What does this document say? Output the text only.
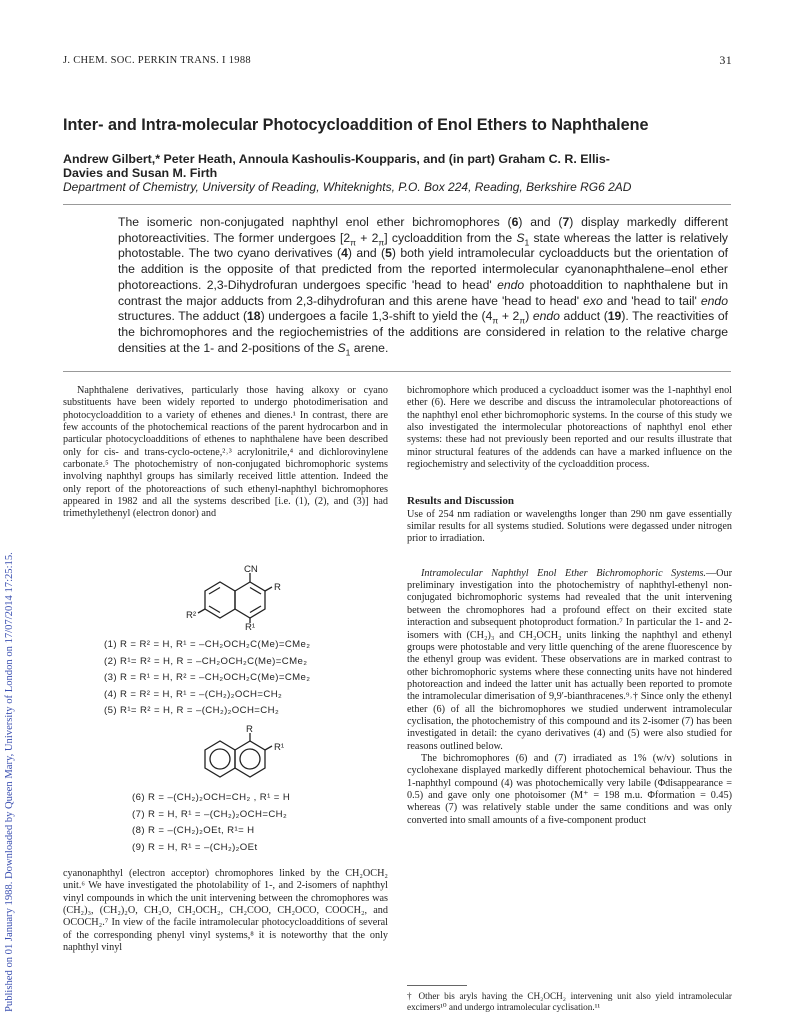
Published on 01 January 1988. Downloaded by Queen Mary, University of London on 17/07/2014 17:25:15.
J. CHEM. SOC. PERKIN TRANS. I 1988	31
Inter- and Intra-molecular Photocycloaddition of Enol Ethers to Naphthalene
Andrew Gilbert,* Peter Heath, Annoula Kashoulis-Koupparis, and (in part) Graham C. R. Ellis-
Davies and Susan M. Firth
Department of Chemistry, University of Reading, Whiteknights, P.O. Box 224, Reading, Berkshire RG6 2AD
The isomeric non-conjugated naphthyl enol ether bichromophores (6) and (7) display markedly different photoreactivities. The former undergoes $[2_\pi + 2_\pi]$ cycloaddition from the $S_1$ state whereas the latter is relatively photostable. The two cyano derivatives (4) and (5) both yield intramolecular cycloadducts but the orientation of the addition is the opposite of that predicted from the reported intermolecular cyanonaphthalene–enol ether photoreactions. 2,3-Dihydrofuran undergoes specific 'head to head' endo photoaddition to naphthalene but in contrast the major adducts from 2,3-dihydrofuran and this arene have 'head to head' exo and 'head to tail' endo structures. The adduct (18) undergoes a facile 1,3-shift to yield the $(4_\pi + 2_\pi)$ endo adduct (19). The reactivities of the bichromophores and the regiochemistries of the additions are considered in relation to the relative charge densities at the 1- and 2-positions of the $S_1$ arene.

Naphthalene derivatives, particularly those having alkoxy or cyano substituents have been widely reported to undergo photodimerisation and photocycloaddition to a variety of ethenes and dienes.¹ In contrast, there are few accounts of the photochemical reactions of the parent hydrocarbon and in particular photocycloadditions of ethenes to naphthalene have been described only for cis- and trans-cyclo-octene,²˒³ acrylonitrile,⁴ and dichlorovinylene carbonate.⁵ The photochemistry of non-conjugated bichromophoric systems involving naphthyl groups has similarly received little attention. Indeed the only report of the photoreactions of such ethenyl-naphthyl bichromophores appeared in 1982 and all the systems described [i.e. (1), (2), and (3)] had trimethylethenyl (electron donor) and

CN
R
R¹
R²
(1) R = R² = H, R¹ = –CH₂OCH₂C(Me)=CMe₂
(2) R¹= R² = H, R = –CH₂OCH₂C(Me)=CMe₂
(3) R = R¹ = H, R² = –CH₂OCH₂C(Me)=CMe₂
(4) R = R² = H, R¹ = –(CH₂)₂OCH=CH₂
(5) R¹= R² = H, R = –(CH₂)₂OCH=CH₂
R
R¹
(6) R = –(CH₂)₂OCH=CH₂ , R¹ = H
(7) R = H, R¹ = –(CH₂)₂OCH=CH₂
(8) R = –(CH₂)₂OEt, R¹= H
(9) R = H, R¹ = –(CH₂)₂OEt

cyanonaphthyl (electron acceptor) chromophores linked by the CH₂OCH₂ unit.⁶ We have investigated the photolability of 1-, and 2-isomers of naphthyl vinyl compounds in which the unit intervening between the chromophores was (CH₂)₃, (CH₂)₂O, CH₂O, CH₂OCH₂, CH₂COO, CH₂OCO, COOCH₂, and OCOCH₂.⁷ In view of the facile intramolecular photocycloadditions of several of the corresponding phenyl vinyl systems,⁸ it is noteworthy that the only naphthyl vinyl

bichromophore which produced a cycloadduct isomer was the 1-naphthyl enol ether (6). Here we describe and discuss the intramolecular photoreactions of the naphthyl enol ether bichromophoric systems. In the course of this study we also investigated the intermolecular photoreactions of naphthyl enol ether systems: these had not previously been reported and our results illustrate that minor structural features of the addends can have a marked influence on the regiochemistry and selectivity of the cycloaddition process.

Results and Discussion

Use of 254 nm radiation or wavelengths longer than 290 nm gave essentially similar results for all systems studied. Solutions were degassed under nitrogen prior to irradiation.

Intramolecular Naphthyl Enol Ether Bichromophoric Systems.—Our preliminary investigation into the photochemistry of naphthyl-ethenyl non-conjugated bichromophoric systems had revealed that the unit intervening between the chromophores had a profound effect on their excited state interaction and subsequent photoproduct formation.⁷ In particular the 1- and 2-isomers with (CH₂)₃ and CH₂OCH₂ units linking the naphthyl and ethenyl groups were photostable and very little quenching of the arene fluorescence by the ethenyl group was evident. These observations are in marked contrast to other bichromophoric systems where these connecting units have not hindered photoreaction and indeed the latter unit has actually been reported to promote the intramolecular dimerisation of 9,9′-bianthracenes.⁹˒† Since only the ethenyl ether (6) of all the bichromophores we studied underwent intramolecular cyclisation, the photochemistry of this compound and its 2-isomer (7) has been investigated in detail: the cyano derivatives (4) and (5) were also studied for reasons outlined below.

The bichromophores (6) and (7) irradiated as 1% (w/v) solutions in cyclohexane displayed markedly different photochemical behaviour. Thus the 1-naphthyl compound (4) was photochemically very labile (Φdisappearance = 0.5) and gave only one photoisomer (M⁺ = 198 m.u. Φformation = 0.45) whereas (7) was relatively stable under the same conditions and was only converted into small amounts of a five-component product

† Other bis aryls having the CH₂OCH₂ intervening unit also yield intramolecular excimers¹⁰ and undergo intramolecular cyclisation.¹¹
